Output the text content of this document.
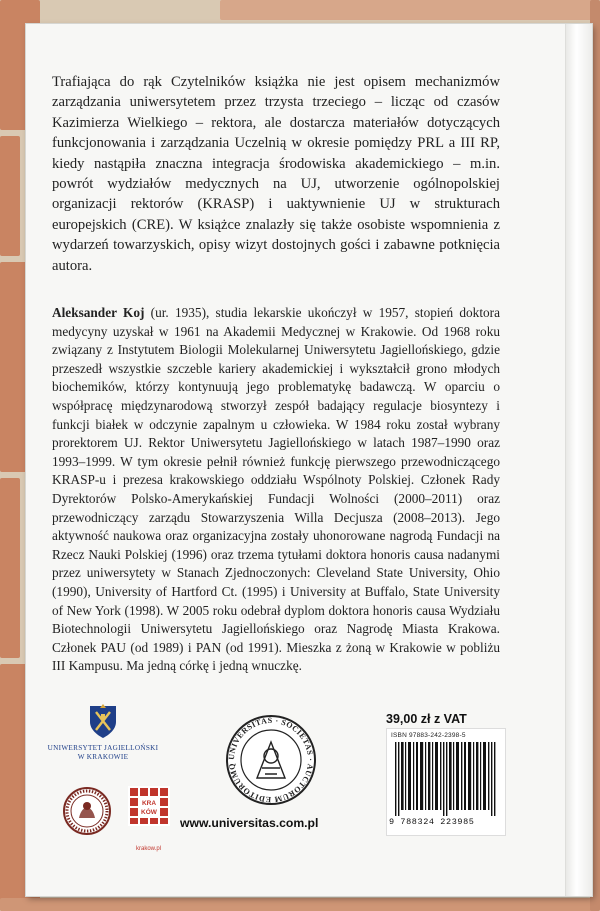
Trafiająca do rąk Czytelników książka nie jest opisem mechanizmów zarządzania uniwersytetem przez trzysta trzeciego – licząc od czasów Kazimierza Wielkiego – rektora, ale dostarcza materiałów dotyczących funkcjonowania i zarządzania Uczelnią w okresie pomiędzy PRL a III RP, kiedy nastąpiła znaczna integracja środowiska akademickiego – m.in. powrót wydziałów medycznych na UJ, utworzenie ogólnopolskiej organizacji rektorów (KRASP) i uaktywnienie UJ w strukturach europejskich (CRE). W książce znalazły się także osobiste wspomnienia z wydarzeń towarzyskich, opisy wizyt dostojnych gości i zabawne potknięcia autora.
Aleksander Koj (ur. 1935), studia lekarskie ukończył w 1957, stopień doktora medycyny uzyskał w 1961 na Akademii Medycznej w Krakowie. Od 1968 roku związany z Instytutem Biologii Molekularnej Uniwersytetu Jagiellońskiego, gdzie przeszedł wszystkie szczeble kariery akademickiej i wykształcił grono młodych biochemików, którzy kontynuują jego problematykę badawczą. W oparciu o współpracę międzynarodową stworzył zespół badający regulacje biosyntezy i funkcji białek w odczynie zapalnym u człowieka. W 1984 roku został wybrany prorektorem UJ. Rektor Uniwersytetu Jagiellońskiego w latach 1987–1990 oraz 1993–1999. W tym okresie pełnił również funkcję pierwszego przewodniczącego KRASP-u i prezesa krakowskiego oddziału Wspólnoty Polskiej. Członek Rady Dyrektorów Polsko-Amerykańskiej Fundacji Wolności (2000–2011) oraz przewodniczący zarządu Stowarzyszenia Willa Decjusza (2008–2013). Jego aktywność naukowa oraz organizacyjna zostały uhonorowane nagrodą Fundacji na Rzecz Nauki Polskiej (1996) oraz trzema tytułami doktora honoris causa nadanymi przez uniwersytety w Stanach Zjednoczonych: Cleveland State University, Ohio (1990), University of Hartford Ct. (1995) i University at Buffalo, State University of New York (1998). W 2005 roku odebrał dyplom doktora honoris causa Wydziału Biotechnologii Uniwersytetu Jagiellońskiego oraz Nagrodę Miasta Krakowa. Członek PAU (od 1989) i PAN (od 1991). Mieszka z żoną w Krakowie w pobliżu III Kampusu. Ma jedną córkę i jedną wnuczkę.
UNIWERSYTET JAGIELLOŃSKI
W KRAKOWIE
KRA
KÓW
krakow.pl
UNIVERSITAS · SOCIETAS · AUCTORUM EDITORUMQ
www.universitas.com.pl
39,00 zł z VAT
ISBN 97883-242-2398-5
9 788324 223985
